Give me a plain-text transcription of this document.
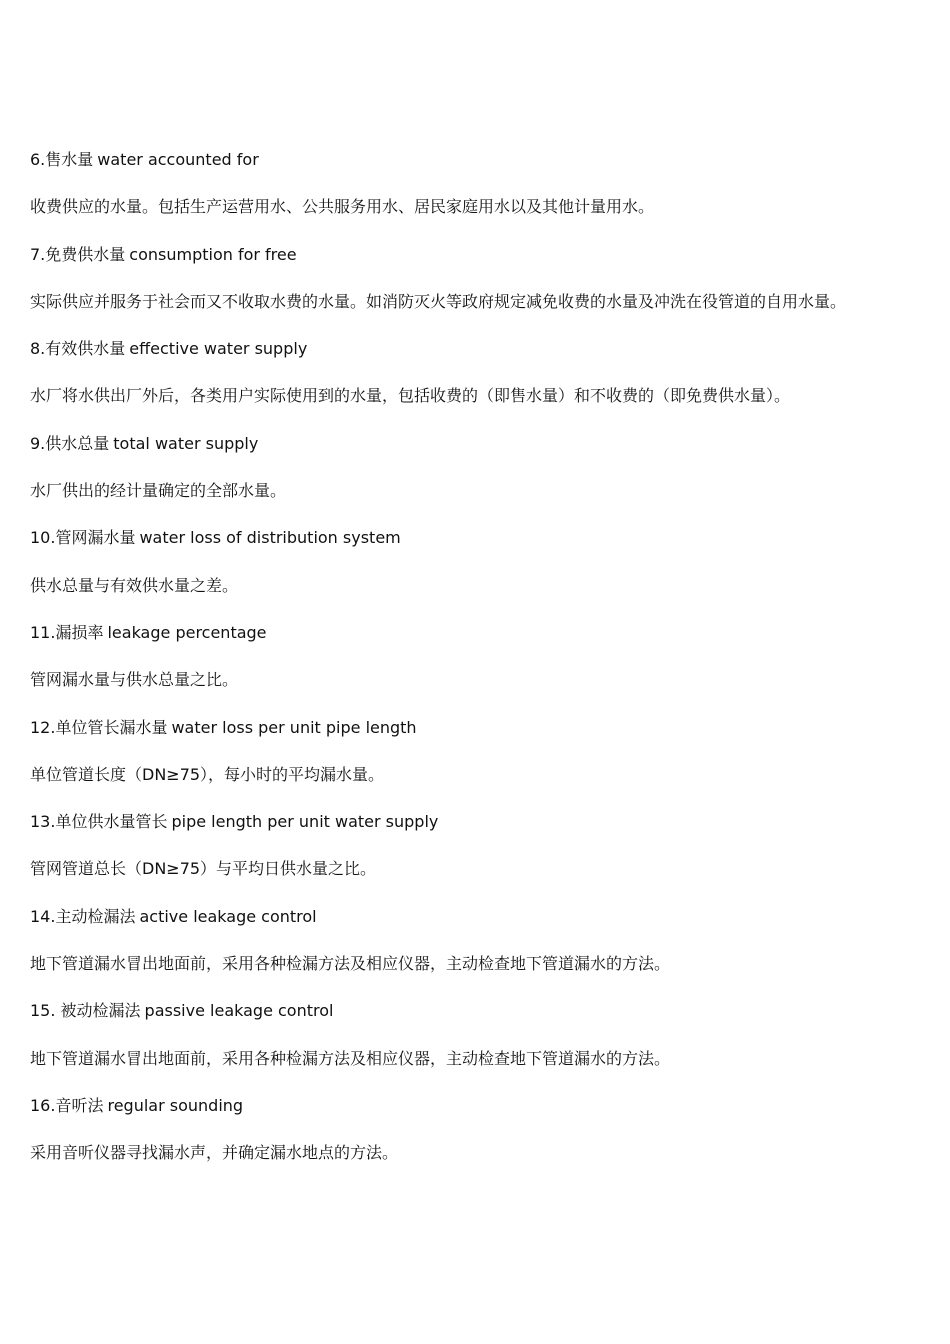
6.售水量 water accounted for
收费供应的水量。包括生产运营用水、公共服务用水、居民家庭用水以及其他计量用水。
7.免费供水量 consumption for free
实际供应并服务于社会而又不收取水费的水量。如消防灭火等政府规定减免收费的水量及冲洗在役管道的自用水量。
8.有效供水量 effective water supply
水厂将水供出厂外后，各类用户实际使用到的水量，包括收费的（即售水量）和不收费的（即免费供水量）。
9.供水总量 total water supply
水厂供出的经计量确定的全部水量。
10.管网漏水量 water loss of distribution system
供水总量与有效供水量之差。
11.漏损率 leakage percentage
管网漏水量与供水总量之比。
12.单位管长漏水量 water loss per unit pipe length
单位管道长度（DN≥75），每小时的平均漏水量。
13.单位供水量管长 pipe length per unit water supply
管网管道总长（DN≥75）与平均日供水量之比。
14.主动检漏法 active leakage control
地下管道漏水冒出地面前，采用各种检漏方法及相应仪器，主动检查地下管道漏水的方法。
15. 被动检漏法 passive leakage control
地下管道漏水冒出地面前，采用各种检漏方法及相应仪器，主动检查地下管道漏水的方法。
16.音听法 regular sounding
采用音听仪器寻找漏水声，并确定漏水地点的方法。
